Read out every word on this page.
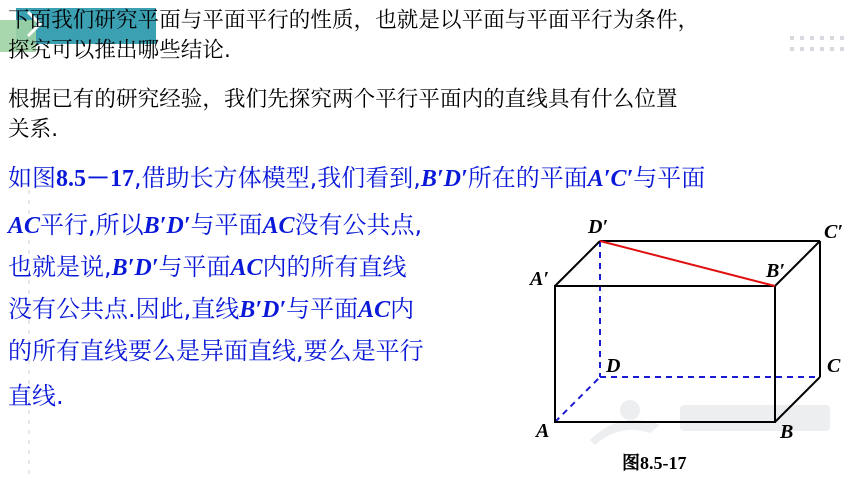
下面我们研究平面与平面平行的性质，也就是以平面与平面平行为条件，
探究可以推出哪些结论.
根据已有的研究经验，我们先探究两个平行平面内的直线具有什么位置
关系.
如图8.5－17,借助长方体模型,我们看到,B′D′所在的平面A′C′与平面
AC平行,所以B′D′与平面AC没有公共点,
也就是说,B′D′与平面AC内的所有直线
没有公共点.因此,直线B′D′与平面AC内
的所有直线要么是异面直线,要么是平行
直线.
D′	C′
A′	B′
D	C
A	B
图8.5-17
